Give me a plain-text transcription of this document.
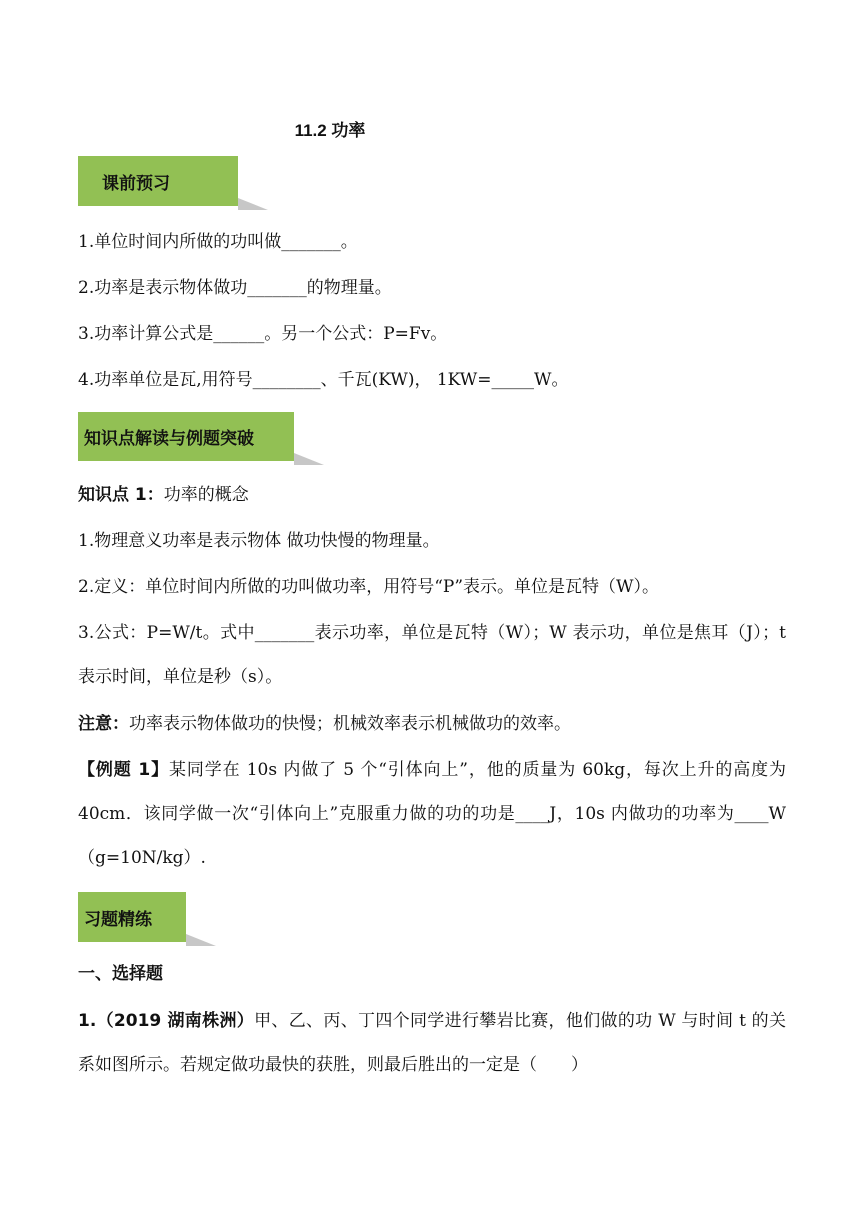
11.2 功率
课前预习
1.单位时间内所做的功叫做_______。
2.功率是表示物体做功_______的物理量。
3.功率计算公式是______。另一个公式：P=Fv。
4.功率单位是瓦,用符号________、千瓦(KW)， 1KW=_____W。
知识点解读与例题突破
知识点 1：功率的概念
1.物理意义功率是表示物体 做功快慢的物理量。
2.定义：单位时间内所做的功叫做功率，用符号“P”表示。单位是瓦特（W）。
3.公式：P=W/t。式中_______表示功率，单位是瓦特（W）；W 表示功，单位是焦耳（J）；t 表示时间，单位是秒（s）。
注意：功率表示物体做功的快慢；机械效率表示机械做功的效率。
【例题 1】某同学在 10s 内做了 5 个“引体向上”，他的质量为 60kg，每次上升的高度为 40cm．该同学做一次“引体向上”克服重力做的功的功是____J，10s 内做功的功率为____W（g=10N/kg）.
习题精练
一、选择题
1.（2019 湖南株洲）甲、乙、丙、丁四个同学进行攀岩比赛，他们做的功 W 与时间 t 的关系如图所示。若规定做功最快的获胜，则最后胜出的一定是（　　）
